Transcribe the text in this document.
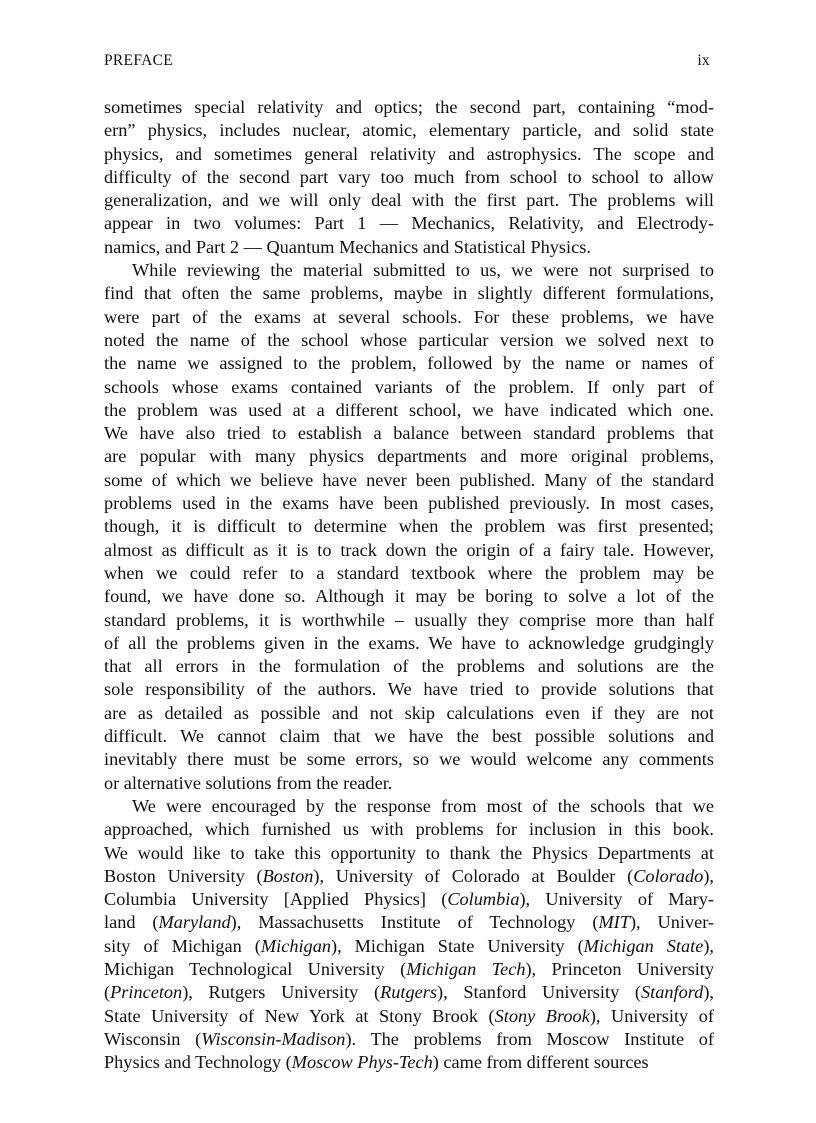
PREFACE	ix
sometimes special relativity and optics; the second part, containing “mod-
ern” physics, includes nuclear, atomic, elementary particle, and solid state
physics, and sometimes general relativity and astrophysics. The scope and
difficulty of the second part vary too much from school to school to allow
generalization, and we will only deal with the first part. The problems will
appear in two volumes: Part 1 — Mechanics, Relativity, and Electrody-
namics, and Part 2 — Quantum Mechanics and Statistical Physics.
While reviewing the material submitted to us, we were not surprised to
find that often the same problems, maybe in slightly different formulations,
were part of the exams at several schools. For these problems, we have
noted the name of the school whose particular version we solved next to
the name we assigned to the problem, followed by the name or names of
schools whose exams contained variants of the problem. If only part of
the problem was used at a different school, we have indicated which one.
We have also tried to establish a balance between standard problems that
are popular with many physics departments and more original problems,
some of which we believe have never been published. Many of the standard
problems used in the exams have been published previously. In most cases,
though, it is difficult to determine when the problem was first presented;
almost as difficult as it is to track down the origin of a fairy tale. However,
when we could refer to a standard textbook where the problem may be
found, we have done so. Although it may be boring to solve a lot of the
standard problems, it is worthwhile – usually they comprise more than half
of all the problems given in the exams. We have to acknowledge grudgingly
that all errors in the formulation of the problems and solutions are the
sole responsibility of the authors. We have tried to provide solutions that
are as detailed as possible and not skip calculations even if they are not
difficult. We cannot claim that we have the best possible solutions and
inevitably there must be some errors, so we would welcome any comments
or alternative solutions from the reader.
We were encouraged by the response from most of the schools that we
approached, which furnished us with problems for inclusion in this book.
We would like to take this opportunity to thank the Physics Departments at
Boston University (Boston), University of Colorado at Boulder (Colorado),
Columbia University [Applied Physics] (Columbia), University of Mary-
land (Maryland), Massachusetts Institute of Technology (MIT), Univer-
sity of Michigan (Michigan), Michigan State University (Michigan State),
Michigan Technological University (Michigan Tech), Princeton University
(Princeton), Rutgers University (Rutgers), Stanford University (Stanford),
State University of New York at Stony Brook (Stony Brook), University of
Wisconsin (Wisconsin-Madison). The problems from Moscow Institute of
Physics and Technology (Moscow Phys-Tech) came from different sources
